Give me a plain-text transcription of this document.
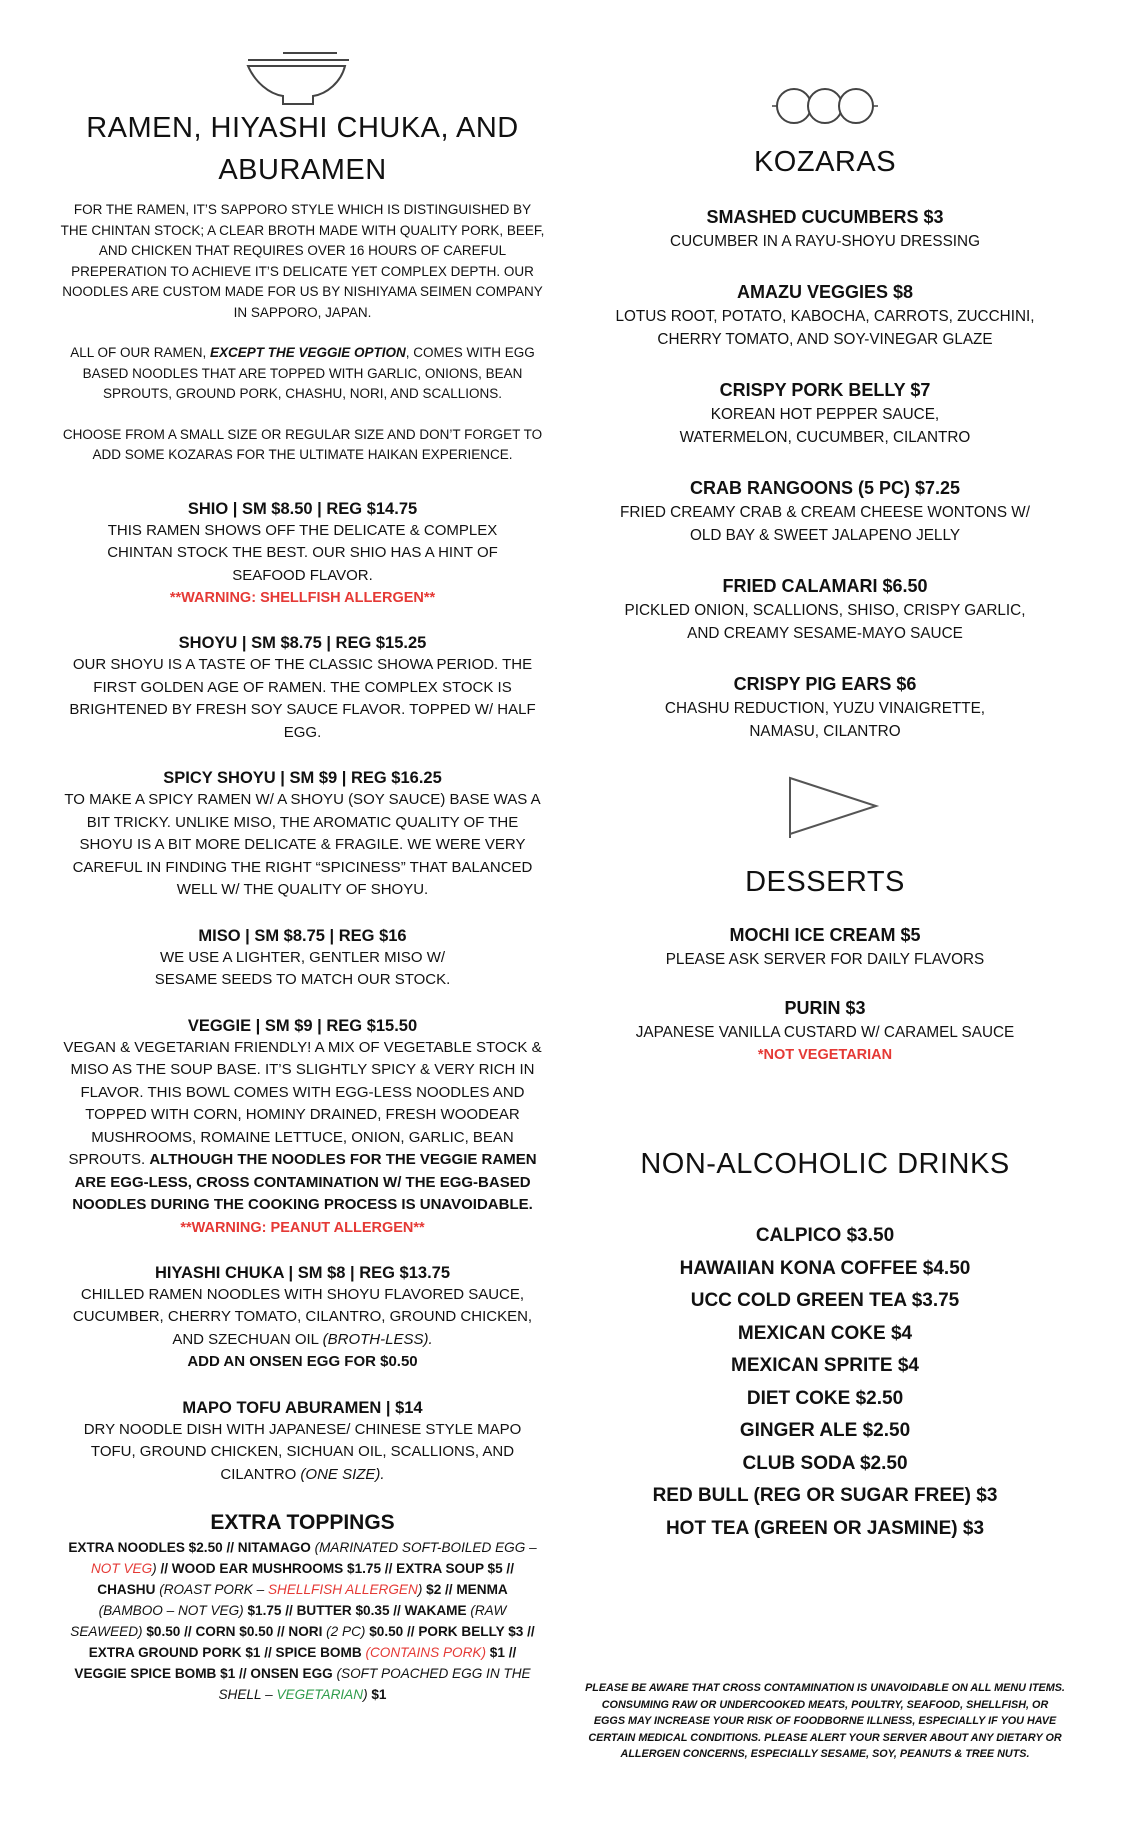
RAMEN, HIYASHI CHUKA, AND
ABURAMEN

FOR THE RAMEN, IT’S SAPPORO STYLE WHICH IS DISTINGUISHED BY THE CHINTAN STOCK; A CLEAR BROTH MADE WITH QUALITY PORK, BEEF, AND CHICKEN THAT REQUIRES OVER 16 HOURS OF CAREFUL PREPERATION TO ACHIEVE IT’S DELICATE YET COMPLEX DEPTH. OUR NOODLES ARE CUSTOM MADE FOR US BY NISHIYAMA SEIMEN COMPANY IN SAPPORO, JAPAN.

ALL OF OUR RAMEN, EXCEPT THE VEGGIE OPTION, COMES WITH EGG BASED NOODLES THAT ARE TOPPED WITH GARLIC, ONIONS, BEAN SPROUTS, GROUND PORK, CHASHU, NORI, AND SCALLIONS.

CHOOSE FROM A SMALL SIZE OR REGULAR SIZE AND DON’T FORGET TO ADD SOME KOZARAS FOR THE ULTIMATE HAIKAN EXPERIENCE.

SHIO | SM $8.50 | REG $14.75
THIS RAMEN SHOWS OFF THE DELICATE & COMPLEX CHINTAN STOCK THE BEST. OUR SHIO HAS A HINT OF SEAFOOD FLAVOR.
**WARNING: SHELLFISH ALLERGEN**
SHOYU | SM $8.75 | REG $15.25
OUR SHOYU IS A TASTE OF THE CLASSIC SHOWA PERIOD. THE FIRST GOLDEN AGE OF RAMEN. THE COMPLEX STOCK IS BRIGHTENED BY FRESH SOY SAUCE FLAVOR. TOPPED W/ HALF EGG.
SPICY SHOYU | SM $9 | REG $16.25
TO MAKE A SPICY RAMEN W/ A SHOYU (SOY SAUCE) BASE WAS A BIT TRICKY. UNLIKE MISO, THE AROMATIC QUALITY OF THE SHOYU IS A BIT MORE DELICATE & FRAGILE. WE WERE VERY CAREFUL IN FINDING THE RIGHT “SPICINESS” THAT BALANCED WELL W/ THE QUALITY OF SHOYU.
MISO | SM $8.75 | REG $16
WE USE A LIGHTER, GENTLER MISO W/ SESAME SEEDS TO MATCH OUR STOCK.
VEGGIE | SM $9 | REG $15.50
VEGAN & VEGETARIAN FRIENDLY! A MIX OF VEGETABLE STOCK & MISO AS THE SOUP BASE. IT’S SLIGHTLY SPICY & VERY RICH IN FLAVOR. THIS BOWL COMES WITH EGG-LESS NOODLES AND TOPPED WITH CORN, HOMINY DRAINED, FRESH WOODEAR MUSHROOMS, ROMAINE LETTUCE, ONION, GARLIC, BEAN SPROUTS. ALTHOUGH THE NOODLES FOR THE VEGGIE RAMEN ARE EGG-LESS, CROSS CONTAMINATION W/ THE EGG-BASED NOODLES DURING THE COOKING PROCESS IS UNAVOIDABLE.
**WARNING: PEANUT ALLERGEN**
HIYASHI CHUKA | SM $8 | REG $13.75
CHILLED RAMEN NOODLES WITH SHOYU FLAVORED SAUCE, CUCUMBER, CHERRY TOMATO, CILANTRO, GROUND CHICKEN, AND SZECHUAN OIL (BROTH-LESS).
ADD AN ONSEN EGG FOR $0.50
MAPO TOFU ABURAMEN | $14
DRY NOODLE DISH WITH JAPANESE/ CHINESE STYLE MAPO TOFU, GROUND CHICKEN, SICHUAN OIL, SCALLIONS, AND CILANTRO (ONE SIZE).
EXTRA TOPPINGS
EXTRA NOODLES $2.50 // NITAMAGO (MARINATED SOFT-BOILED EGG – NOT VEG) // WOOD EAR MUSHROOMS $1.75 // EXTRA SOUP $5 // CHASHU (ROAST PORK – SHELLFISH ALLERGEN) $2 // MENMA (BAMBOO – NOT VEG) $1.75 // BUTTER $0.35 // WAKAME (RAW SEAWEED) $0.50 // CORN $0.50 // NORI (2 PC) $0.50 // PORK BELLY $3 // EXTRA GROUND PORK $1 // SPICE BOMB (CONTAINS PORK) $1 // VEGGIE SPICE BOMB $1 // ONSEN EGG (SOFT POACHED EGG IN THE SHELL – VEGETARIAN) $1
KOZARAS
SMASHED CUCUMBERS $3
CUCUMBER IN A RAYU-SHOYU DRESSING
AMAZU VEGGIES $8
LOTUS ROOT, POTATO, KABOCHA, CARROTS, ZUCCHINI, CHERRY TOMATO, AND SOY-VINEGAR GLAZE
CRISPY PORK BELLY $7
KOREAN HOT PEPPER SAUCE, WATERMELON, CUCUMBER, CILANTRO
CRAB RANGOONS (5 PC) $7.25
FRIED CREAMY CRAB & CREAM CHEESE WONTONS W/ OLD BAY & SWEET JALAPENO JELLY
FRIED CALAMARI $6.50
PICKLED ONION, SCALLIONS, SHISO, CRISPY GARLIC, AND CREAMY SESAME-MAYO SAUCE
CRISPY PIG EARS $6
CHASHU REDUCTION, YUZU VINAIGRETTE, NAMASU, CILANTRO
DESSERTS
MOCHI ICE CREAM $5
PLEASE ASK SERVER FOR DAILY FLAVORS
PURIN $3
JAPANESE VANILLA CUSTARD W/ CARAMEL SAUCE
*NOT VEGETARIAN
NON-ALCOHOLIC DRINKS
CALPICO $3.50
HAWAIIAN KONA COFFEE $4.50
UCC COLD GREEN TEA $3.75
MEXICAN COKE $4
MEXICAN SPRITE $4
DIET COKE $2.50
GINGER ALE $2.50
CLUB SODA $2.50
RED BULL (REG OR SUGAR FREE) $3
HOT TEA (GREEN OR JASMINE) $3
PLEASE BE AWARE THAT CROSS CONTAMINATION IS UNAVOIDABLE ON ALL MENU ITEMS. CONSUMING RAW OR UNDERCOOKED MEATS, POULTRY, SEAFOOD, SHELLFISH, OR EGGS MAY INCREASE YOUR RISK OF FOODBORNE ILLNESS, ESPECIALLY IF YOU HAVE CERTAIN MEDICAL CONDITIONS. PLEASE ALERT YOUR SERVER ABOUT ANY DIETARY OR ALLERGEN CONCERNS, ESPECIALLY SESAME, SOY, PEANUTS & TREE NUTS.
